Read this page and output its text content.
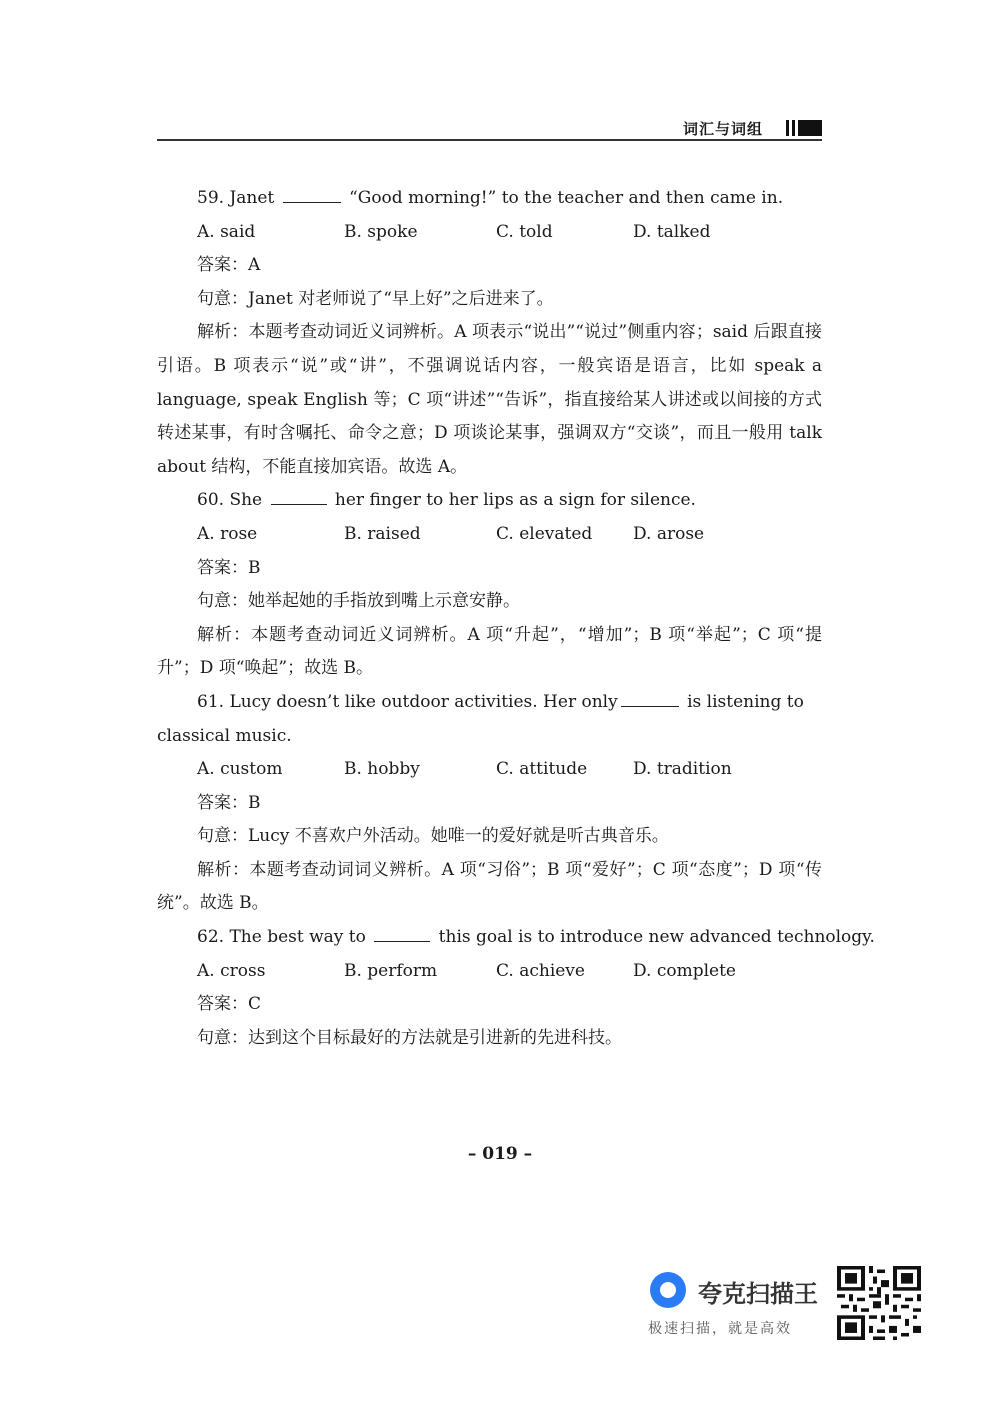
词汇与词组
59. Janet	“Good morning!” to the teacher and then came in.
A. said	B. spoke	C. told	D. talked
答案：A
句意：Janet 对老师说了“早上好”之后进来了。
解析：本题考查动词近义词辨析。A 项表示“说出”“说过”侧重内容；said 后跟直接引语。B 项表示“说”或“讲”，不强调说话内容，一般宾语是语言，比如 speak a language, speak English 等；C 项“讲述”“告诉”，指直接给某人讲述或以间接的方式转述某事，有时含嘱托、命令之意；D 项谈论某事，强调双方“交谈”，而且一般用 talk about 结构，不能直接加宾语。故选 A。
60. She	her finger to her lips as a sign for silence.
A. rose	B. raised	C. elevated	D. arose
答案：B
句意：她举起她的手指放到嘴上示意安静。
解析：本题考查动词近义词辨析。A 项“升起”，“增加”；B 项“举起”；C 项“提升”；D 项“唤起”；故选 B。
61. Lucy doesn’t like outdoor activities. Her only	is listening to
classical music.
A. custom	B. hobby	C. attitude	D. tradition
答案：B
句意：Lucy 不喜欢户外活动。她唯一的爱好就是听古典音乐。
解析：本题考查动词词义辨析。A 项“习俗”；B 项“爱好”；C 项“态度”；D 项“传统”。故选 B。
62. The best way to	this goal is to introduce new advanced technology.
A. cross	B. perform	C. achieve	D. complete
答案：C
句意：达到这个目标最好的方法就是引进新的先进科技。
– 019 –
夸克扫描王
极速扫描，就是高效
